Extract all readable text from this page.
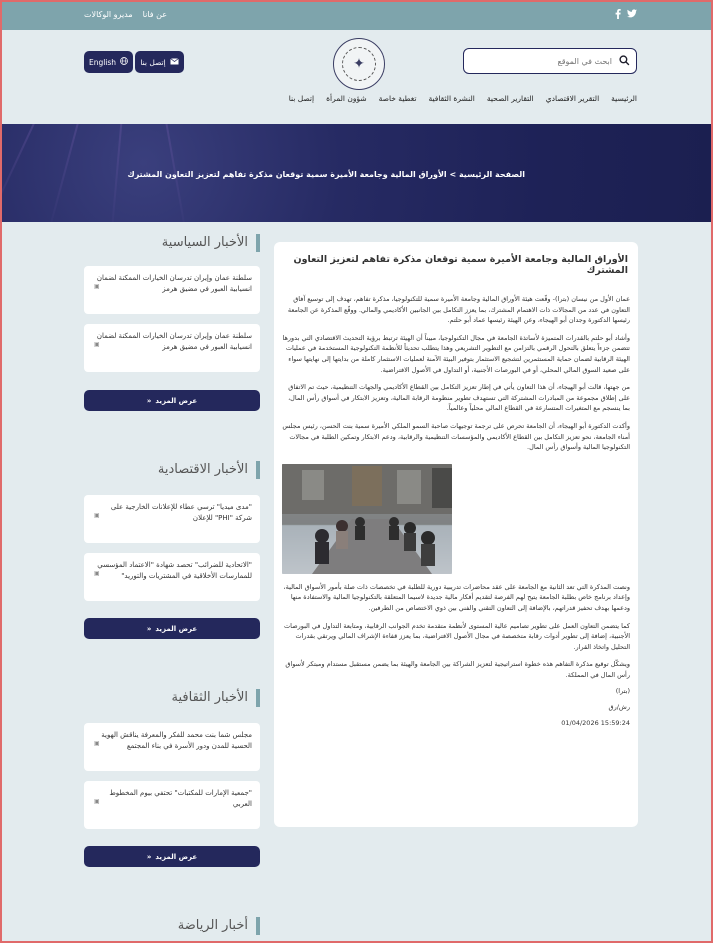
عن فانا
مديرو الوكالات
ابحث في الموقع
✦
إتصل بنا
English
الرئيسية
التقرير الاقتصادي
التقارير الصحية
النشرة الثقافية
تغطية خاصة
شؤون المرأة
إتصل بنا
الصفحة الرئيسية > الأوراق المالية وجامعة الأميرة سمية توقعان مذكرة تفاهم لتعزيز التعاون المشترك
الأوراق المالية وجامعة الأميرة سمية توقعان مذكرة تفاهم لتعزيز التعاون المشترك

عمان الأول من نيسان (بترا)- وقّعت هيئة الأوراق المالية وجامعة الأميرة سمية للتكنولوجيا، مذكرة تفاهم، تهدف إلى توسيع آفاق التعاون في عدد من المجالات ذات الاهتمام المشترك، بما يعزز التكامل بين الجانبين الأكاديمي والمالي. ووقّع المذكرة عن الجامعة رئيسها الدكتورة وجدان أبو الهيجاء، وعن الهيئة رئيسها عماد أبو حلتم.

وأشاد أبو حلتم بالقدرات المتميزة لأساتذة الجامعة في مجال التكنولوجيا، مبيناً أن الهيئة ترتبط برؤية التحديث الاقتصادي التي بدورها تتضمن جزءاً يتعلق بالتحول الرقمي بالتزامن مع التطوير التشريعي وهذا يتطلب تحديثاً للأنظمة التكنولوجية المستخدمة في عمليات الهيئة الرقابية لضمان حماية المستثمرين لتشجيع الاستثمار بتوفير البيئة الآمنة لعمليات الاستثمار كاملة من بدايتها إلى نهايتها سواء على صعيد السوق المالي المحلي، أو في البورصات الأجنبية، أو التداول في الأصول الافتراضية.

من جهتها، قالت أبو الهيجاء، أن هذا التعاون يأتي في إطار تعزيز التكامل بين القطاع الأكاديمي والجهات التنظيمية، حيث تم الاتفاق على إطلاق مجموعة من المبادرات المشتركة التي تستهدف تطوير منظومة الرقابة المالية، وتعزيز الابتكار في أسواق رأس المال، بما ينسجم مع المتغيرات المتسارعة في القطاع المالي محلياً وعالمياً.

وأكدت الدكتورة أبو الهيجاء، أن الجامعة تحرص على ترجمة توجيهات صاحبة السمو الملكي الأميرة سمية بنت الحسن، رئيس مجلس أمناء الجامعة، نحو تعزيز التكامل بين القطاع الأكاديمي والمؤسسات التنظيمية والرقابية، ودعم الابتكار وتمكين الطلبة في مجالات التكنولوجيا المالية وأسواق رأس المال.

ونصت المذكرة التي تعد الثانية مع الجامعة على عقد محاضرات تدريبية دورية للطلبة في تخصصات ذات صلة بأمور الأسواق المالية، وإعداد برنامج خاص بطلبة الجامعة يتيح لهم الفرصة لتقديم أفكار مالية جديدة لاسيما المتعلقة بالتكنولوجيا المالية والاستفادة منها ودعمها بهدف تحفيز قدراتهم، بالإضافة إلى التعاون التقني والفني بين ذوي الاختصاص من الطرفين.

كما يتضمن التعاون العمل على تطوير تصاميم عالية المستوى لأنظمة متقدمة تخدم الجوانب الرقابية، ومتابعة التداول في البورصات الأجنبية، إضافة إلى تطوير أدوات رقابة متخصصة في مجال الأصول الافتراضية، بما يعزز قفاءة الإشراف المالي ويرتقي بقدرات التحليل واتخاذ القرار.

ويشكّل توقيع مذكرة التفاهم هذه خطوة استراتيجية لتعزيز الشراكة بين الجامعة والهيئة بما يضمن مستقبل مستدام ومبتكر لأسواق رأس المال في المملكة.

(بترا)
رش/رق
15:59:24 01/04/2026
الأخبار السياسية
سلطنة عمان وإيران تدرسان الخيارات الممكنة لضمان انسيابية العبور في مضيق هرمز
▣
سلطنة عمان وإيران تدرسان الخيارات الممكنة لضمان انسيابية العبور في مضيق هرمز
▣
عرض المزيد
«
الأخبار الاقتصادية
"مدى ميديا" ترسي عطاء للإعلانات الخارجية على شركة "PHI" للإعلان
▣
"الاتحادية للضرائب" تحصد شهادة "الاعتماد المؤسسي للممارسات الأخلاقية في المشتريات والتوريد"
▣
عرض المزيد
«
الأخبار الثقافية
مجلس شما بنت محمد للفكر والمعرفة يناقش الهوية الحسية للمدن ودور الأسرة في بناء المجتمع
▣
"جمعية الإمارات للمكتبات" تحتفي بيوم المخطوط العربي
▣
عرض المزيد
«
أخبار الرياضة
